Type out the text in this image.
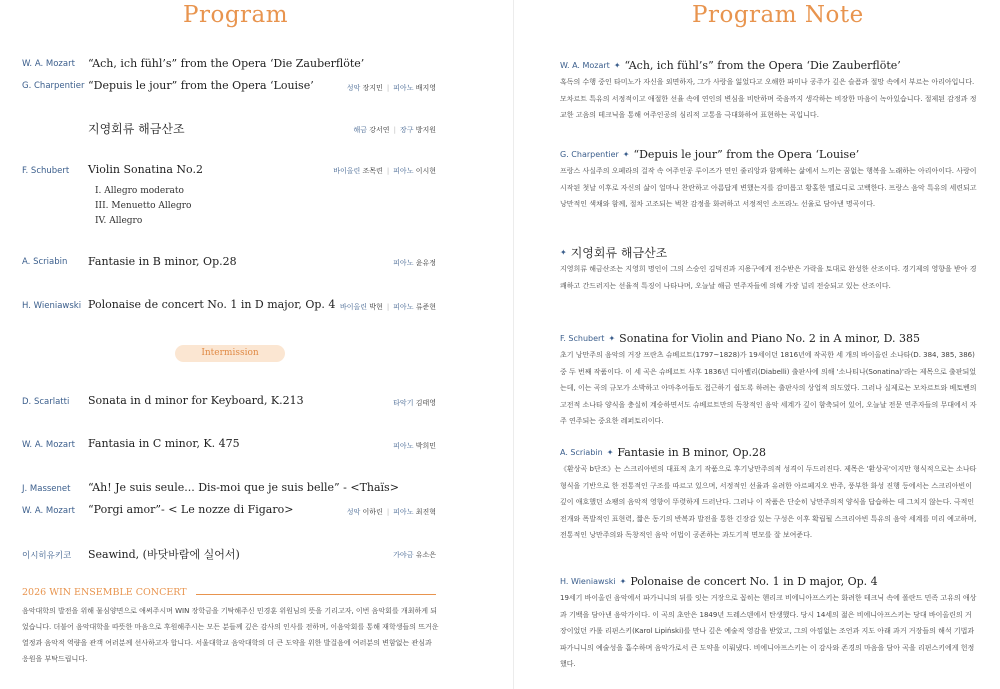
Program
W. A. Mozart “Ach, ich fühl’s” from the Opera ‘Die Zauberflöte’
G. Charpentier “Depuis le jour” from the Opera ‘Louise’	성악 장지민 | 피아노 배지영
지영회류 해금산조	해금 강서연 | 장구 방지원
F. Schubert Violin Sonatina No.2	바이올린 조목련 | 피아노 이시현
I. Allegro moderato
III. Menuetto Allegro
IV. Allegro
A. Scriabin Fantasie in B minor, Op.28	피아노 윤유정
H. Wieniawski Polonaise de concert No. 1 in D major, Op. 4 바이올린 박현 | 피아노 류준현
Intermission
D. Scarlatti Sonata in d minor for Keyboard, K.213	타악기 김태영
W. A. Mozart Fantasia in C minor, K. 475	피아노 박희민
J. Massenet “Ah! Je suis seule... Dis-moi que je suis belle” - <Thaïs>
W. A. Mozart “Porgi amor”- < Le nozze di Figaro>	성악 이하린 | 피아노 최진혁
이시히유키코 Seawind, (바닷바람에 실어서)	가야금 유소은
2026 WIN ENSEMBLE CONCERT
음악대학의 발전을 위해 물심양면으로 애써주시며 WIN 장학금을 기탁해주신 민경훈 위원님의 뜻을 기리고자, 이번 음악회를 개최하게 되었습니다. 더불어 음악대학을 따뜻한 마음으로 후원해주시는 모든 분들께 깊은 감사의 인사를 전하며, 이음악회를 통해 재학생들의 뜨거운 열정과 음악적 역량을 관객 여러분께 선사하고자 합니다. 서울대학교 음악대학의 더 큰 도약을 위한 발걸음에 여러분의 변함없는 관심과 응원을 부탁드립니다.
Program Note
W. A. Mozart ✦ “Ach, ich fühl’s” from the Opera ‘Die Zauberflöte’
혹독의 수행 중인 타미노가 자신을 외면하자, 그가 사랑을 잃었다고 오해한 파미나 공주가 깊은 슬픔과 절망 속에서 부르는 아리아입니다. 모차르트 특유의 서정적이고 애절한 선율 속에 연인의 변심을 비탄하며 죽음까지 생각하는 비장한 마음이 녹아있습니다. 절제된 감정과 정교한 고음의 테크닉을 통해 여주인공의 심리적 고통을 극대화하여 표현하는 곡입니다.
G. Charpentier ✦ “Depuis le jour” from the Opera ‘Louise’
프랑스 사실주의 오페라의 걸작 속 여주인공 루이즈가 연인 줄리앙과 함께하는 삶에서 느끼는 꿈없는 행복을 노래하는 아리아이다. 사랑이 시작된 첫날 이후로 자신의 삶이 얼마나 찬란하고 아름답게 변했는지를 감미롭고 황홀한 멜로디로 고백한다. 프랑스 음악 특유의 세련되고 낭만적인 색채와 함께, 절차 고조되는 벅찬 감정을 화려하고 서정적인 소프라노 선율로 담아낸 명곡이다.
✦ 지영회류 해금산조
지영희류 해금산조는 지영희 명인이 그의 스승인 김덕진과 지용구에게 전수받은 가락을 토대로 완성한 산조이다. 경기제의 영향을 받아 경쾌하고 간드러지는 선율적 특징이 나타나며, 오늘날 해금 연주자들에 의해 가장 널리 전승되고 있는 산조이다.
F. Schubert ✦ Sonatina for Violin and Piano No. 2 in A minor, D. 385
초기 낭만주의 음악의 거장 프란츠 슈베르트(1797~1828)가 19세이던 1816년에 작곡한 세 개의 바이올린 소나타(D. 384, 385, 386) 중 두 번째 작품이다. 이 세 곡은 슈베르트 사후 1836년 디아벨리(Diabelli) 출판사에 의해 '소나티나(Sonatina)'라는 제목으로 출판되었는데, 이는 곡의 규모가 소박하고 아마추어들도 접근하기 쉽도록 하려는 출판사의 상업적 의도였다. 그러나 실제로는 모차르트와 베토벤의 고전적 소나타 양식을 충실히 계승하면서도 슈베르트만의 독창적인 음악 세계가 깊이 함축되어 있어, 오늘날 전문 연주자들의 무대에서 자주 연주되는 중요한 레퍼토리이다.
A. Scriabin ✦ Fantasie in B minor, Op.28
《환상곡 b단조》는 스크리아빈의 대표적 초기 작품으로 후기낭만주의적 성격이 두드러진다. 제목은 '환상곡'이지만 형식적으로는 소나타 형식을 기반으로 한 전통적인 구조를 따르고 있으며, 서정적인 선율과 유려한 아르페지오 반주, 풍부한 화성 진행 등에서는 스크리아빈이 깊이 애호했던 쇼팽의 음악적 영향이 뚜렷하게 드러난다. 그러나 이 작품은 단순히 낭만주의적 양식을 답습하는 데 그치지 않는다. 극적인 전개와 폭발적인 표현력, 짧은 동기의 반복과 발전을 통한 긴장감 있는 구성은 이후 확립될 스크리아빈 특유의 음악 세계를 미리 예고하며, 전통적인 낭만주의와 독창적인 음악 어법이 공존하는 과도기적 면모를 잘 보여준다.
H. Wieniawski ✦ Polonaise de concert No. 1 in D major, Op. 4
19세기 바이올린 음악에서 파가니니의 뒤를 잇는 거장으로 꼽히는 헨리크 비에니아프스키는 화려한 테크닉 속에 폴란드 민족 고유의 애상과 기백을 담아낸 음악가이다. 이 곡의 초안은 1849년 드레스덴에서 탄생했다. 당시 14세의 젊은 비에니아프스키는 당대 바이올린의 거장이었던 카롤 리핀스키(Karol Lipiński)를 만나 깊은 예술적 영감을 받았고, 그의 아낌없는 조언과 지도 아래 과거 거장들의 해석 기법과 파가니니의 예술성을 흡수하며 음악가로서 큰 도약을 이뤄냈다. 비에니아프스키는 이 감사와 존경의 마음을 담아 곡을 리핀스키에게 헌정했다.
